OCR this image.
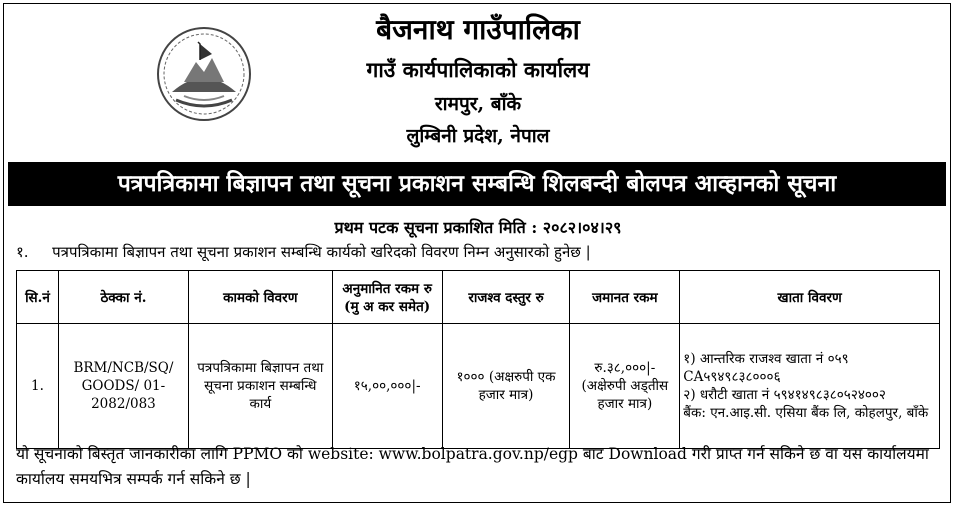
बैजनाथ गाउँपालिका
गाउँ कार्यपालिकाको कार्यालय
रामपुर, बाँके
लुम्बिनी प्रदेश, नेपाल
पत्रपत्रिकामा बिज्ञापन तथा सूचना प्रकाशन सम्बन्धि शिलबन्दी बोलपत्र आव्हानको सूचना
प्रथम पटक सूचना प्रकाशित मिति : २०८२।०४।२९
१. पत्रपत्रिकामा बिज्ञापन तथा सूचना प्रकाशन सम्बन्धि कार्यको खरिदको विवरण निम्न अनुसारको हुनेछ |
सि.नं	ठेक्का नं.	कामको विवरण	अनुमानित रकम रु (मु अ कर समेत)	राजश्व दस्तुर रु	जमानत रकम	खाता विवरण
1.	BRM/NCB/SQ/ GOODS/ 01-2082/083	पत्रपत्रिकामा बिज्ञापन तथा सूचना प्रकाशन सम्बन्धि कार्य	१५,००,०००|-	१००० (अक्षरुपी एक हजार मात्र)	रु.३८,०००|- (अक्षेरुपी अड्तीस हजार मात्र)	१) आन्तरिक राजश्व खाता नं ०५९
CA५९४९८३८०००६
२) धरौटी खाता नं ५९४१४९८३८०५२४००२
बैंक: एन.आइ.सी. एसिया बैंक लि, कोहलपुर, बाँके
यो सूचनाको बिस्तृत जानकारीका लागि PPMO को website: www.bolpatra.gov.np/egp बाट Download गरी प्राप्त गर्न सकिने छ वा यस कार्यालयमा कार्यालय समयभित्र सम्पर्क गर्न सकिने छ |
